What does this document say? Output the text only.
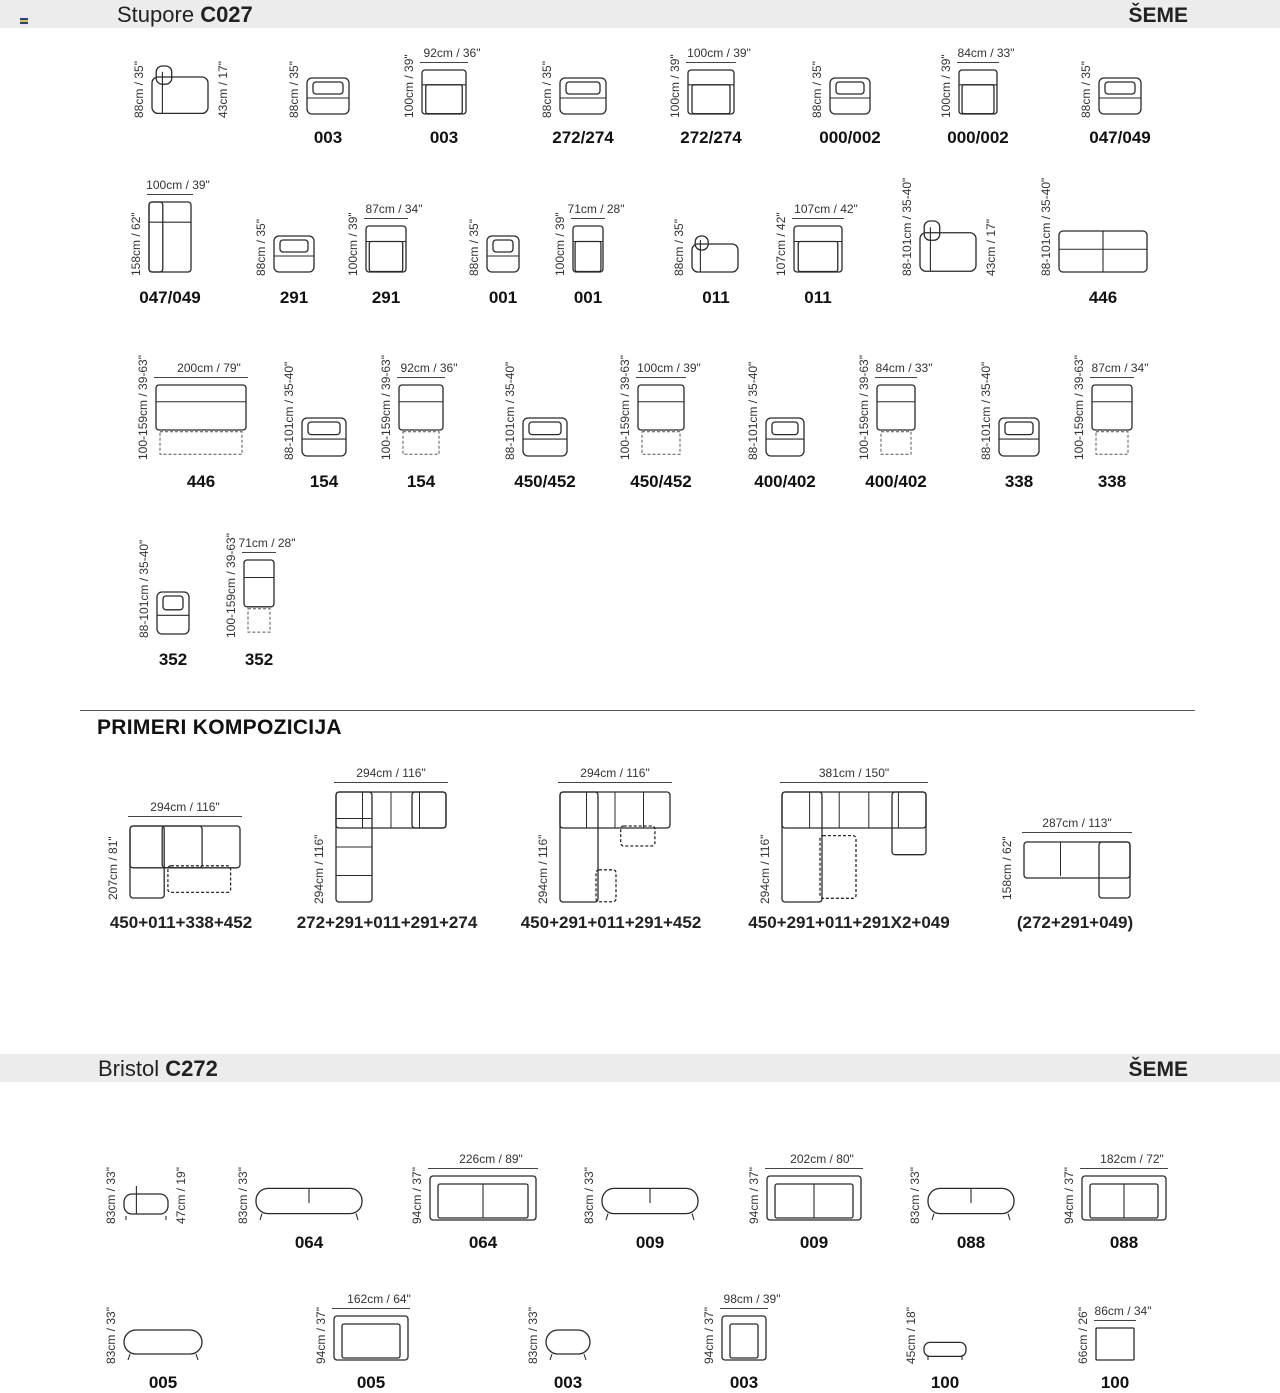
Stupore C027	ŠEME
88cm / 35"	43cm / 17"	88cm / 35"
003
100cm / 39"
92cm / 36"
003
88cm / 35"
272/274
100cm / 39"
100cm / 39"
272/274
88cm / 35"
000/002
100cm / 39"
84cm / 33"
000/002
88cm / 35"
047/049
158cm / 62"
100cm / 39"
047/049
88cm / 35"
291
100cm / 39"
87cm / 34"
291
88cm / 35"
001
100cm / 39"
71cm / 28"
001
88cm / 35"
011
107cm / 42"
107cm / 42"
011
88-101cm / 35-40"	43cm / 17"	88-101cm / 35-40"
446
100-159cm / 39-63" 200cm / 79"
446
88-101cm / 35-40"
154
100-159cm / 39-63" 92cm / 36"
154
88-101cm / 35-40"
450/452
100-159cm / 39-63" 100cm / 39"
450/452
88-101cm / 35-40"
400/402
100-159cm / 39-63" 84cm / 33"
400/402
88-101cm / 35-40"
338
100-159cm / 39-63" 87cm / 34"
338
88-101cm / 35-40"
352
100-159cm / 39-63" 71cm / 28"
352
PRIMERI KOMPOZICIJA
294cm / 116"
207cm / 81"
450+011+338+452
294cm / 116"
294cm / 116"
272+291+011+291+274
294cm / 116"
294cm / 116"
450+291+011+291+452
381cm / 150"
294cm / 116"
450+291+011+291X2+049
287cm / 113"
158cm / 62"
(272+291+049)
Bristol C272	ŠEME
83cm / 33"	47cm / 19"	83cm / 33"
064
94cm / 37"
226cm / 89"
064
83cm / 33"
009
94cm / 37"
202cm / 80"
009
83cm / 33"
088
94cm / 37"
182cm / 72"
088
83cm / 33"
005
94cm / 37"
162cm / 64"
005
83cm / 33"
003
94cm / 37"
98cm / 39"
003
45cm / 18"
100
66cm / 26" 86cm / 34"
100
